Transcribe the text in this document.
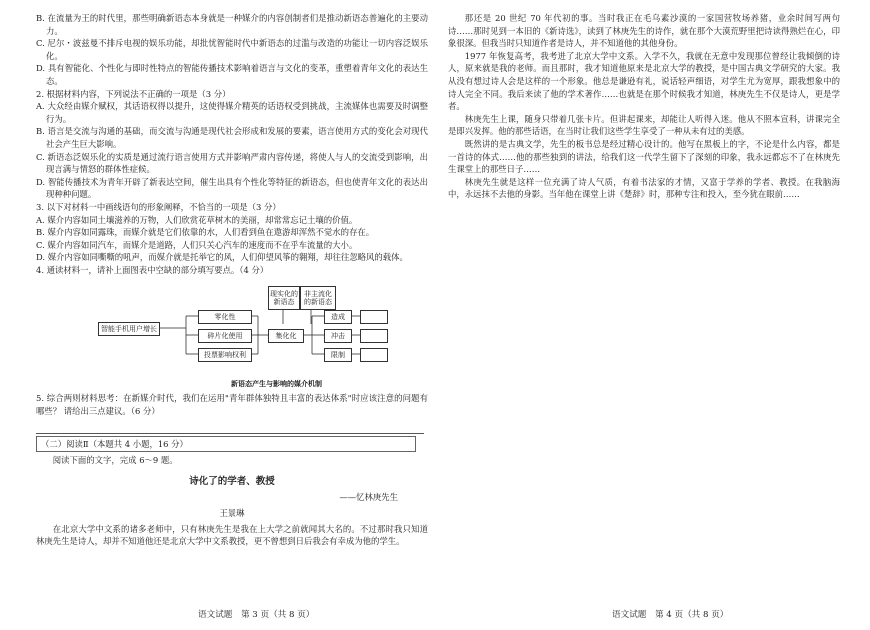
B. 在流量为王的时代里，那些明确新语态本身就是一种媒介的内容创制者们是推动新语态普遍化的主要动力。

C. 尼尔・波兹曼不排斥电视的娱乐功能，却批忧智能时代中新语态的过滥与改造的功能让一切内容泛娱乐化。

D. 具有智能化、个性化与即时性特点的智能传播技术影响着语言与文化的变革，重塑着青年文化的表达生态。

2. 根据材料内容，下列说法不正确的一项是（3 分）

A. 大众经由媒介赋权，其话语权得以提升，这使得媒介精英的话语权受到挑战，主流媒体也需要及时调整行为。

B. 语言是交流与沟通的基础，而交流与沟通是现代社会形成和发展的要素，语言使用方式的变化会对现代社会产生巨大影响。

C. 新语态泛娱乐化的实质是通过流行语言使用方式并影响严肃内容传递，将使人与人的交流受到影响，出现言满与情怒的群体性症候。

D. 智能传播技术为青年开辟了新表达空间，催生出具有个性化等特征的新语态，但也使青年文化的表达出现种种问题。

3. 以下对材料一中画线语句的形象阐释，不恰当的一项是（3 分）

A. 媒介内容如同土壤滋养的万物，人们欣赏花草树木的美丽，却常常忘记土壤的价值。

B. 媒介内容如同露珠，而媒介就是它们依靠的水，人们看到鱼在遨游却浑然不觉水的存在。

C. 媒介内容如同汽车，而媒介是道路，人们只关心汽车的速度而不在乎车流量的大小。

D. 媒介内容如同嘶嘶的吼声，而媒介就是托举它的风，人们仰望风筝的翱翔，却往往忽略风的载体。

4. 通读材料一，请补上面图表中空缺的部分填写要点。（4 分）

智能手机用户增长
零化性
碎片化使用
投票影响权利
现实化的新语态
非主流化的新语态
集化化
造成
冲击
限制
新语态产生与影响的媒介机制

5. 综合两则材料思考：在新媒介时代，我们在运用"青年群体独特且丰富的表达体系"时应该注意的问题有哪些？ 请给出三点建议。（6 分）

（二）阅读Ⅱ（本题共 4 小题，16 分）

阅读下面的文字，完成 6～9 题。

诗化了的学者、教授
——忆林庚先生
王景琳

在北京大学中文系的诸多老师中，只有林庚先生是我在上大学之前就闻其大名的。不过那时我只知道林庚先生是诗人，却并不知道他还是北京大学中文系教授，更不曾想到日后我会有幸成为他的学生。

那还是 20 世纪 70 年代初的事。当时我正在毛乌素沙漠的一家国营牧场养猪，业余时间写两句诗……那时见到一本旧的《新诗选》，读到了林庚先生的诗作，就在那个大漠荒野里把诗读得熟烂在心，印象很深。但我当时只知道作者是诗人，并不知道他的其他身份。

1977 年恢复高考，我考进了北京大学中文系。入学不久，我就在无意中发现那位曾经让我倾倒的诗人，原来就是我的老师。而且那时，我才知道他原来是北京大学的教授，是中国古典文学研究的大家。我从没有想过诗人会是这样的一个形象。他总是谦逊有礼，说话轻声细语，对学生尤为宽厚，跟我想象中的诗人完全不同。我后来读了他的学术著作……也就是在那个时候我才知道，林庚先生不仅是诗人，更是学者。

林庚先生上课，随身只带着几张卡片。但讲起课来，却能让人听得入迷。他从不照本宣科，讲课完全是即兴发挥。他的那些话语，在当时让我们这些学生享受了一种从未有过的美感。

既然讲的是古典文学，先生的板书总是经过精心设计的。他写在黑板上的字，不论是什么内容，都是一首诗的体式……他的那些独到的讲法，给我们这一代学生留下了深刻的印象，我永远都忘不了在林庚先生课堂上的那些日子……

林庚先生就是这样一位充满了诗人气质，有着书法家的才情，又富于学养的学者、教授。在我脑海中，永远抹不去他的身影。当年他在课堂上讲《楚辞》时，那种专注和投入，至今犹在眼前……

语文试题　第 3 页（共 8 页）	语文试题　第 4 页（共 8 页）
